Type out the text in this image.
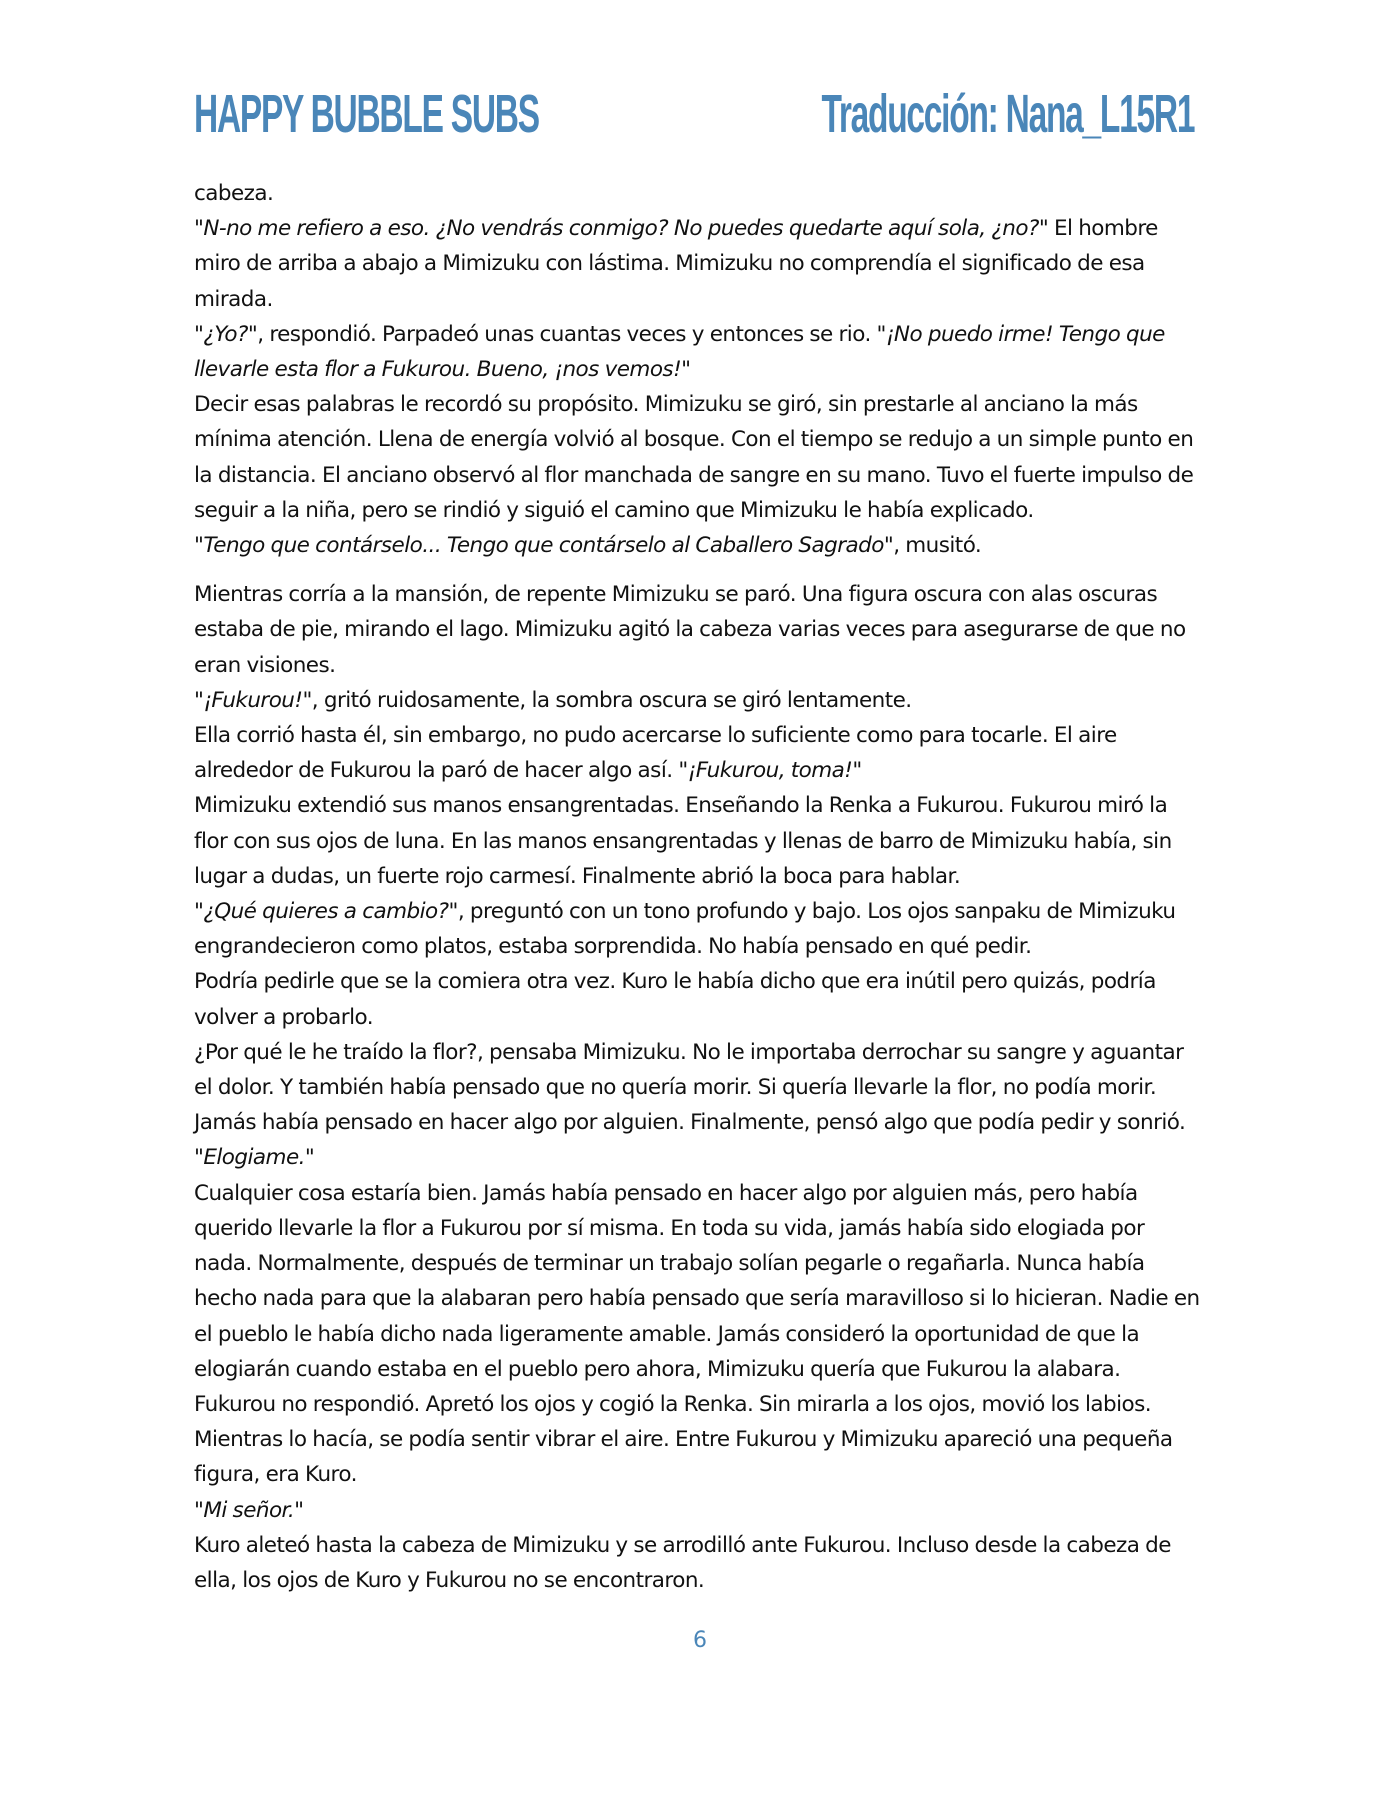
HAPPY BUBBLE SUBS	Traducción: Nana_L15R1

cabeza.

"N-no me refiero a eso. ¿No vendrás conmigo? No puedes quedarte aquí sola, ¿no?" El hombre miro de arriba a abajo a Mimizuku con lástima. Mimizuku no comprendía el significado de esa mirada.

"¿Yo?", respondió. Parpadeó unas cuantas veces y entonces se rio. "¡No puedo irme! Tengo que llevarle esta flor a Fukurou. Bueno, ¡nos vemos!"

Decir esas palabras le recordó su propósito. Mimizuku se giró, sin prestarle al anciano la más mínima atención. Llena de energía volvió al bosque. Con el tiempo se redujo a un simple punto en la distancia. El anciano observó al flor manchada de sangre en su mano. Tuvo el fuerte impulso de seguir a la niña, pero se rindió y siguió el camino que Mimizuku le había explicado.

"Tengo que contárselo... Tengo que contárselo al Caballero Sagrado", musitó.

Mientras corría a la mansión, de repente Mimizuku se paró. Una figura oscura con alas oscuras estaba de pie, mirando el lago. Mimizuku agitó la cabeza varias veces para asegurarse de que no eran visiones.

"¡Fukurou!", gritó ruidosamente, la sombra oscura se giró lentamente.

Ella corrió hasta él, sin embargo, no pudo acercarse lo suficiente como para tocarle. El aire alrededor de Fukurou la paró de hacer algo así. "¡Fukurou, toma!"

Mimizuku extendió sus manos ensangrentadas. Enseñando la Renka a Fukurou. Fukurou miró la flor con sus ojos de luna. En las manos ensangrentadas y llenas de barro de Mimizuku había, sin lugar a dudas, un fuerte rojo carmesí. Finalmente abrió la boca para hablar.

"¿Qué quieres a cambio?", preguntó con un tono profundo y bajo. Los ojos sanpaku de Mimizuku engrandecieron como platos, estaba sorprendida. No había pensado en qué pedir.

Podría pedirle que se la comiera otra vez. Kuro le había dicho que era inútil pero quizás, podría volver a probarlo.

¿Por qué le he traído la flor?, pensaba Mimizuku. No le importaba derrochar su sangre y aguantar el dolor. Y también había pensado que no quería morir. Si quería llevarle la flor, no podía morir. Jamás había pensado en hacer algo por alguien. Finalmente, pensó algo que podía pedir y sonrió.

"Elogiame."

Cualquier cosa estaría bien. Jamás había pensado en hacer algo por alguien más, pero había querido llevarle la flor a Fukurou por sí misma. En toda su vida, jamás había sido elogiada por nada. Normalmente, después de terminar un trabajo solían pegarle o regañarla. Nunca había hecho nada para que la alabaran pero había pensado que sería maravilloso si lo hicieran. Nadie en el pueblo le había dicho nada ligeramente amable. Jamás consideró la oportunidad de que la elogiarán cuando estaba en el pueblo pero ahora, Mimizuku quería que Fukurou la alabara.

Fukurou no respondió. Apretó los ojos y cogió la Renka. Sin mirarla a los ojos, movió los labios. Mientras lo hacía, se podía sentir vibrar el aire. Entre Fukurou y Mimizuku apareció una pequeña figura, era Kuro.

"Mi señor."

Kuro aleteó hasta la cabeza de Mimizuku y se arrodilló ante Fukurou. Incluso desde la cabeza de ella, los ojos de Kuro y Fukurou no se encontraron.

6
